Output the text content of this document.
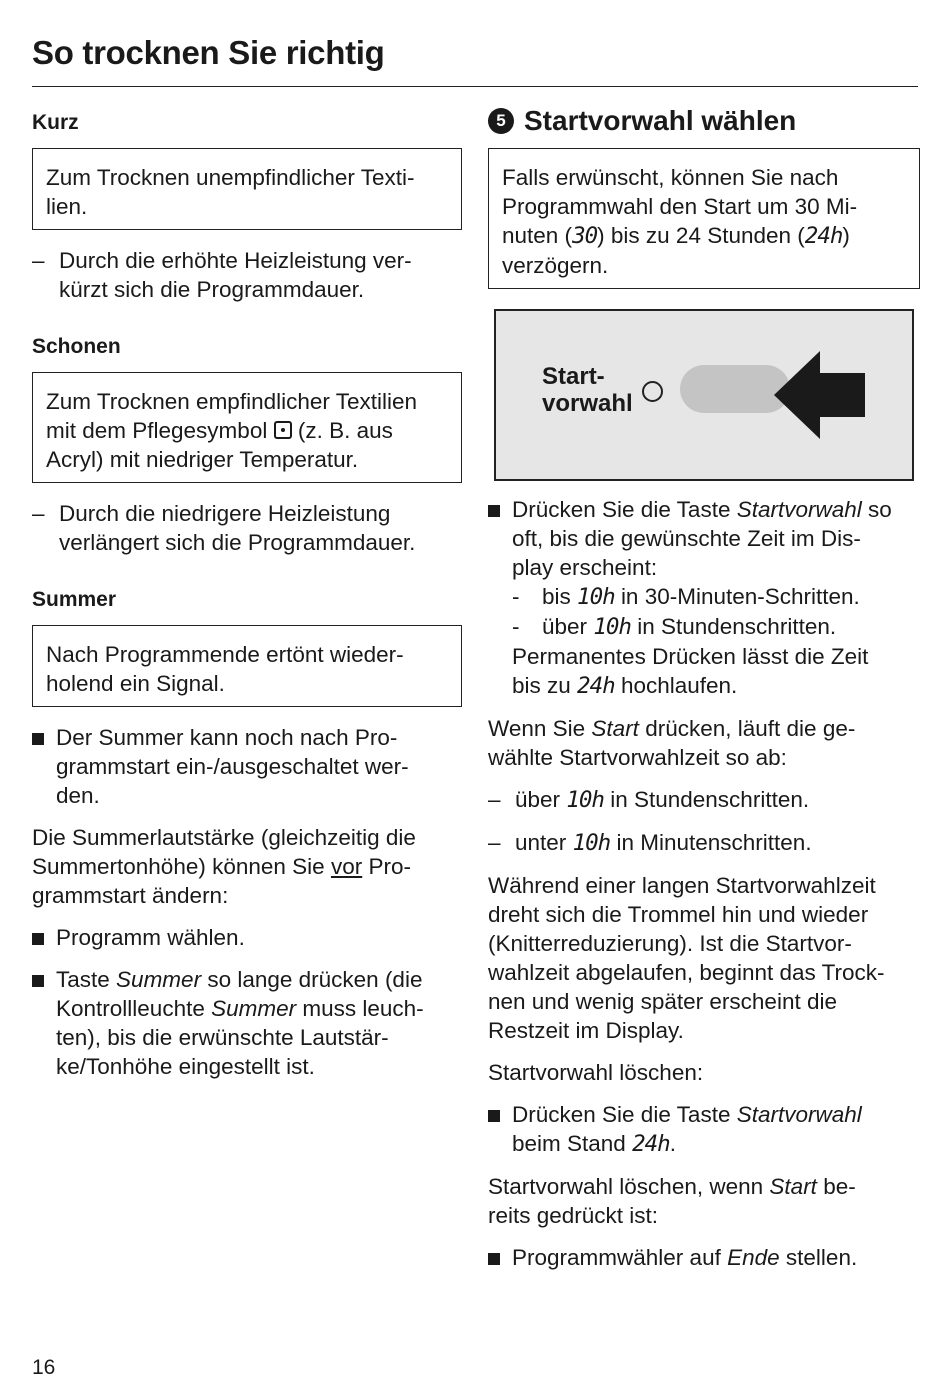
So trocknen Sie richtig
Kurz
Zum Trocknen unempfindlicher Texti-
lien.
– Durch die erhöhte Heizleistung ver-
kürzt sich die Programmdauer.
Schonen
Zum Trocknen empfindlicher Textilien
mit dem Pflegesymbol (z. B. aus
Acryl) mit niedriger Temperatur.
– Durch die niedrigere Heizleistung
verlängert sich die Programmdauer.
Summer
Nach Programmende ertönt wieder-
holend ein Signal.
Der Summer kann noch nach Pro-
grammstart ein-/ausgeschaltet wer-
den.
Die Summerlautstärke (gleichzeitig die
Summertonhöhe) können Sie vor Pro-
grammstart ändern:
Programm wählen.
Taste Summer so lange drücken (die
Kontrollleuchte Summer muss leuch-
ten), bis die erwünschte Lautstär-
ke/Tonhöhe eingestellt ist.
5 Startvorwahl wählen
Falls erwünscht, können Sie nach
Programmwahl den Start um 30 Mi-
nuten (30) bis zu 24 Stunden (24h)
verzögern.
Start-
vorwahl
Drücken Sie die Taste Startvorwahl so
oft, bis die gewünschte Zeit im Dis-
play erscheint:
- bis 10h in 30-Minuten-Schritten.
- über 10h in Stundenschritten.
Permanentes Drücken lässt die Zeit
bis zu 24h hochlaufen.
Wenn Sie Start drücken, läuft die ge-
wählte Startvorwahlzeit so ab:
– über 10h in Stundenschritten.
– unter 10h in Minutenschritten.
Während einer langen Startvorwahlzeit
dreht sich die Trommel hin und wieder
(Knitterreduzierung). Ist die Startvor-
wahlzeit abgelaufen, beginnt das Trock-
nen und wenig später erscheint die
Restzeit im Display.
Startvorwahl löschen:
Drücken Sie die Taste Startvorwahl
beim Stand 24h.
Startvorwahl löschen, wenn Start be-
reits gedrückt ist:
Programmwähler auf Ende stellen.
16
